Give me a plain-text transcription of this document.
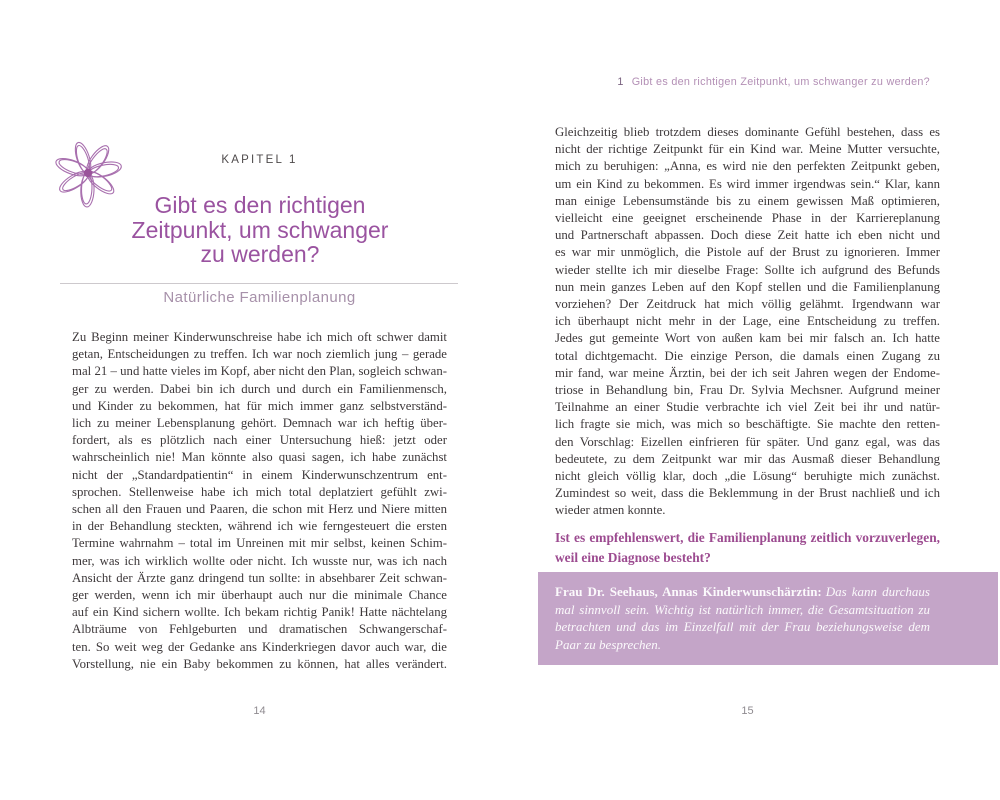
KAPITEL 1
Gibt es den richtigen
Zeitpunkt, um schwanger
zu werden?
Natürliche Familienplanung
Zu Beginn meiner Kinderwunschreise habe ich mich oft schwer damit
getan, Entscheidungen zu treffen. Ich war noch ziemlich jung – gerade
mal 21 – und hatte vieles im Kopf, aber nicht den Plan, sogleich schwan-
ger zu werden. Dabei bin ich durch und durch ein Familienmensch,
und Kinder zu bekommen, hat für mich immer ganz selbstverständ-
lich zu meiner Lebensplanung gehört. Demnach war ich heftig über-
fordert, als es plötzlich nach einer Untersuchung hieß: jetzt oder
wahrscheinlich nie! Man könnte also quasi sagen, ich habe zunächst
nicht der „Standardpatientin“ in einem Kinderwunschzentrum ent-
sprochen. Stellenweise habe ich mich total deplatziert gefühlt zwi-
schen all den Frauen und Paaren, die schon mit Herz und Niere mitten
in der Behandlung steckten, während ich wie ferngesteuert die ersten
Termine wahrnahm – total im Unreinen mit mir selbst, keinen Schim-
mer, was ich wirklich wollte oder nicht. Ich wusste nur, was ich nach
Ansicht der Ärzte ganz dringend tun sollte: in absehbarer Zeit schwan-
ger werden, wenn ich mir überhaupt auch nur die minimale Chance
auf ein Kind sichern wollte. Ich bekam richtig Panik! Hatte nächtelang
Albträume von Fehlgeburten und dramatischen Schwangerschaf-
ten. So weit weg der Gedanke ans Kinderkriegen davor auch war, die
Vorstellung, nie ein Baby bekommen zu können, hat alles verändert.
14
1 Gibt es den richtigen Zeitpunkt, um schwanger zu werden?
Gleichzeitig blieb trotzdem dieses dominante Gefühl bestehen, dass es
nicht der richtige Zeitpunkt für ein Kind war. Meine Mutter versuchte,
mich zu beruhigen: „Anna, es wird nie den perfekten Zeitpunkt geben,
um ein Kind zu bekommen. Es wird immer irgendwas sein.“ Klar, kann
man einige Lebensumstände bis zu einem gewissen Maß optimieren,
vielleicht eine geeignet erscheinende Phase in der Karriereplanung
und Partnerschaft abpassen. Doch diese Zeit hatte ich eben nicht und
es war mir unmöglich, die Pistole auf der Brust zu ignorieren. Immer
wieder stellte ich mir dieselbe Frage: Sollte ich aufgrund des Befunds
nun mein ganzes Leben auf den Kopf stellen und die Familienplanung
vorziehen? Der Zeitdruck hat mich völlig gelähmt. Irgendwann war
ich überhaupt nicht mehr in der Lage, eine Entscheidung zu treffen.
Jedes gut gemeinte Wort von außen kam bei mir falsch an. Ich hatte
total dichtgemacht. Die einzige Person, die damals einen Zugang zu
mir fand, war meine Ärztin, bei der ich seit Jahren wegen der Endome-
triose in Behandlung bin, Frau Dr. Sylvia Mechsner. Aufgrund meiner
Teilnahme an einer Studie verbrachte ich viel Zeit bei ihr und natür-
lich fragte sie mich, was mich so beschäftigte. Sie machte den retten-
den Vorschlag: Eizellen einfrieren für später. Und ganz egal, was das
bedeutete, zu dem Zeitpunkt war mir das Ausmaß dieser Behandlung
nicht gleich völlig klar, doch „die Lösung“ beruhigte mich zunächst.
Zumindest so weit, dass die Beklemmung in der Brust nachließ und ich
wieder atmen konnte.
Ist es empfehlenswert, die Familienplanung zeitlich vorzuverlegen,
weil eine Diagnose besteht?
Frau Dr. Seehaus, Annas Kinderwunschärztin: Das kann durchaus
mal sinnvoll sein. Wichtig ist natürlich immer, die Gesamtsituation zu
betrachten und das im Einzelfall mit der Frau beziehungsweise dem
Paar zu besprechen.
15
